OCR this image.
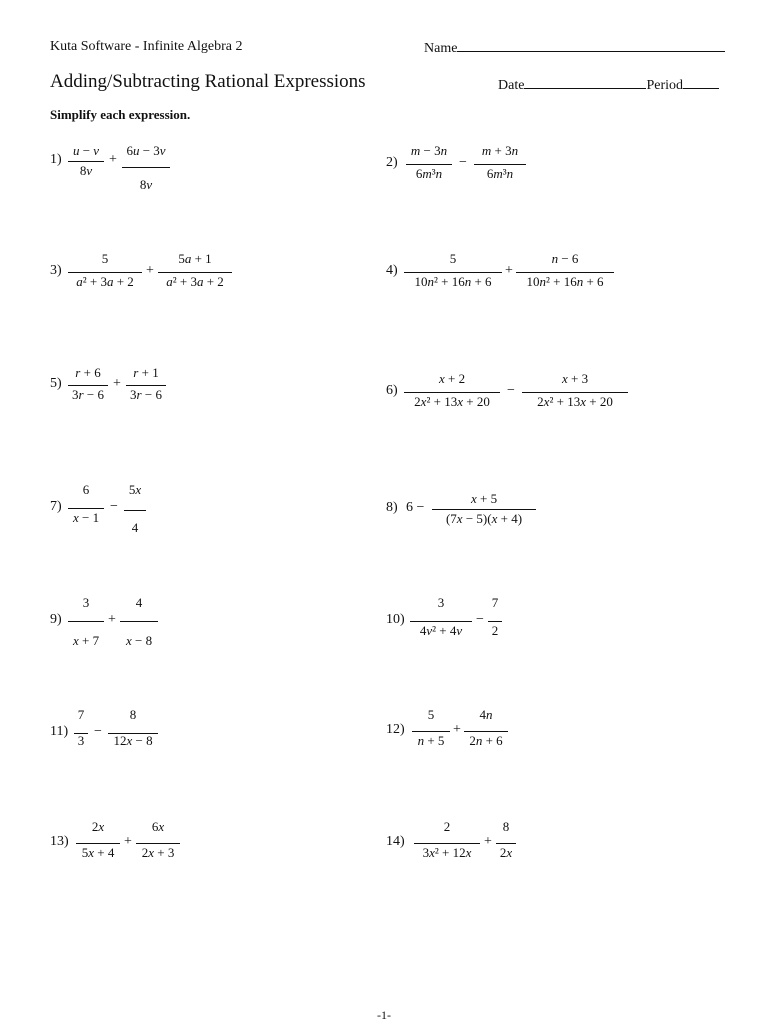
Kuta Software - Infinite Algebra 2	Name
Adding/Subtracting Rational Expressions	Date	Period
Simplify each expression.
1)
u − v
8v
+
6u − 3v
8v
2)
m − 3n
6m³n
−
m + 3n
6m³n
3)
5
a² + 3a + 2
+
5a + 1
a² + 3a + 2
4)
5
10n² + 16n + 6
+
n − 6
10n² + 16n + 6
5)
r + 6
3r − 6
+
r + 1
3r − 6	6)
x + 2
2x² + 13x + 20
−
x + 3
2x² + 13x + 20
7)
6
x − 1
−
5x
4
8) 6 −
x + 5
(7x − 5)(x + 4)
9)
3
x + 7
+
4
x − 8
10)
3
4v² + 4v
−
7
2
11)
7
3
−
8
12x − 8
12)
5
n + 5
+
4n
2n + 6
13)
2x
5x + 4
+
6x
2x + 3
14)
2
3x² + 12x
+
8
2x
-1-
